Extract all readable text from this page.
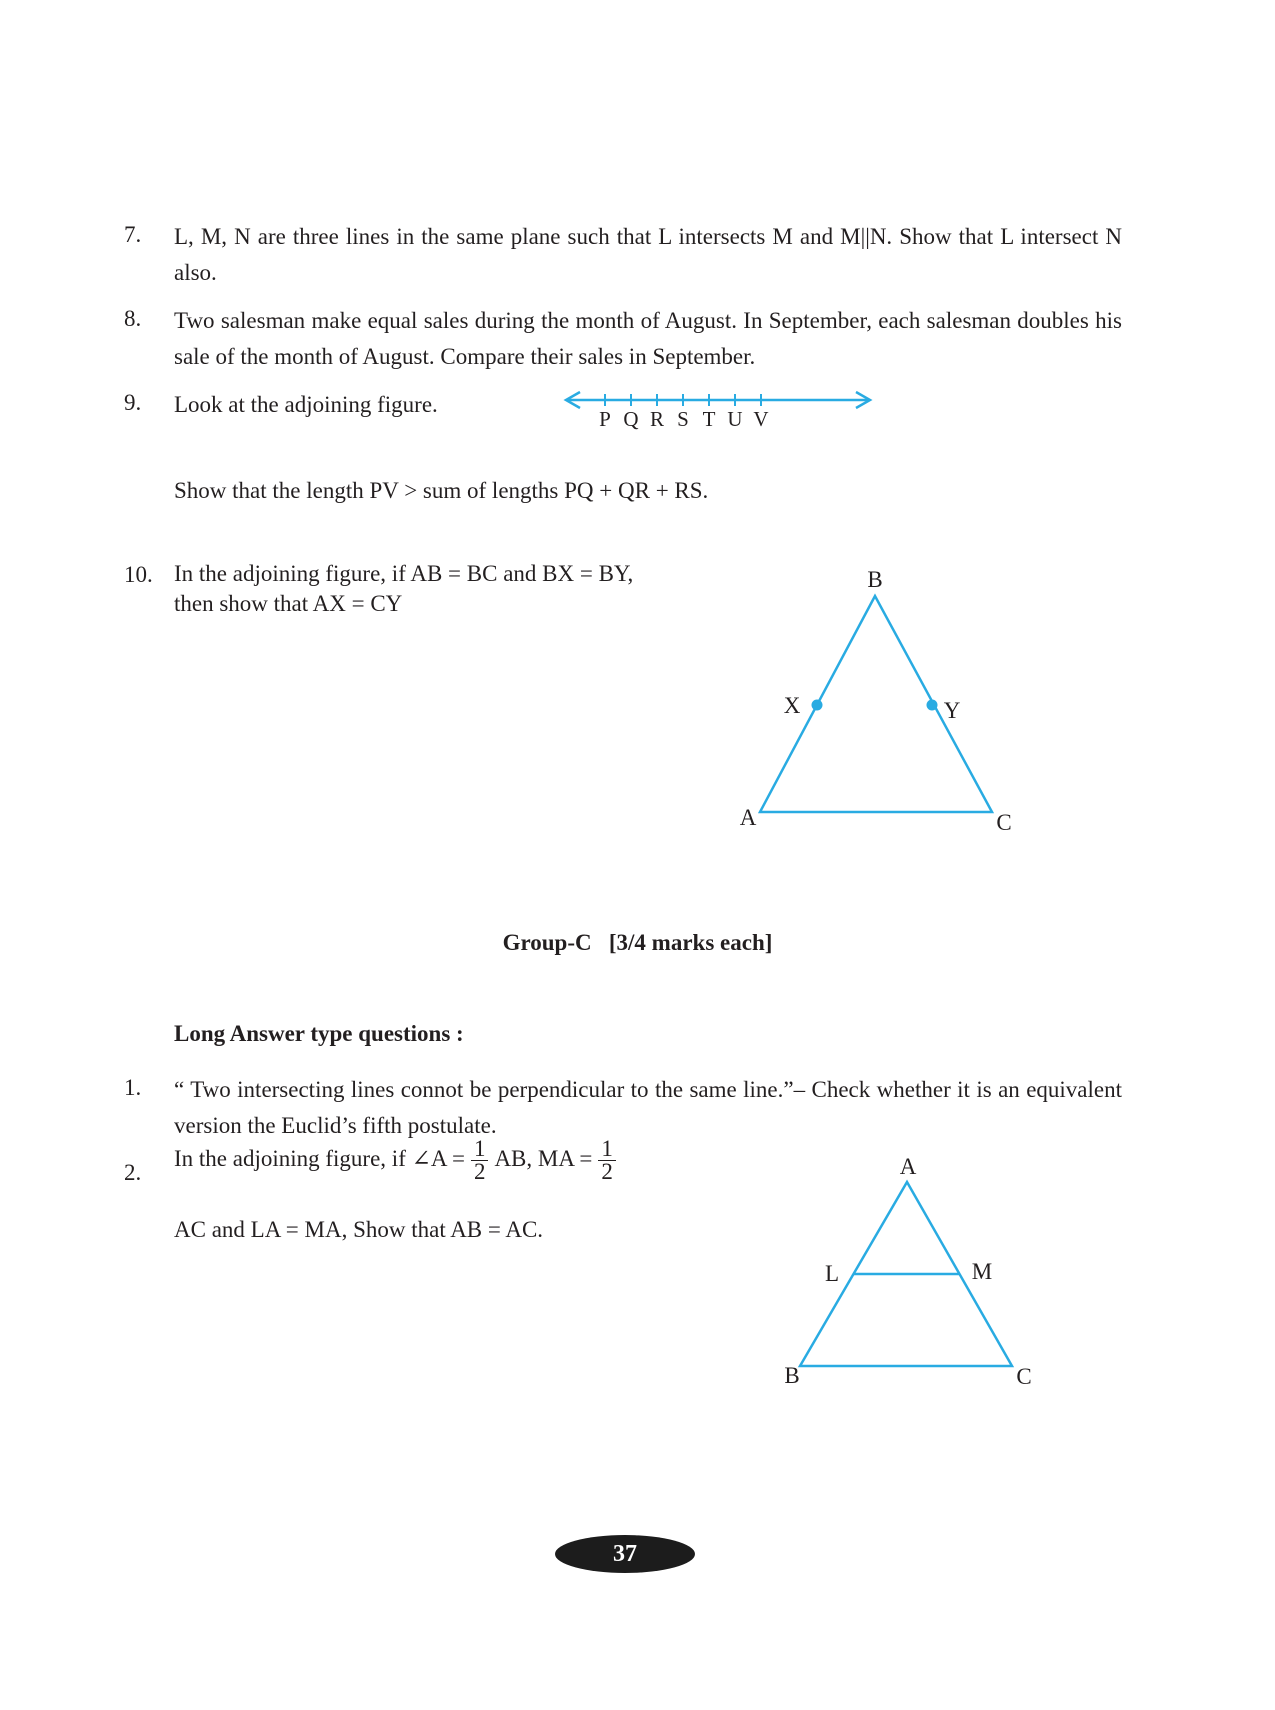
7. L, M, N are three lines in the same plane such that L intersects M and M||N. Show that L intersect N also.
8. Two salesman make equal sales during the month of August. In September, each salesman doubles his sale of the month of August. Compare their sales in September.
9. Look at the adjoining figure.
P Q R S T U V
Show that the length PV > sum of lengths PQ + QR + RS.
10. In the adjoining figure, if AB = BC and BX = BY,
then show that AX = CY
B
X	Y
A	C
Group-C [3/4 marks each]
Long Answer type questions :
1. “ Two intersecting lines connot be perpendicular to the same line.”– Check whether it is an equivalent version the Euclid’s fifth postulate.
2.
In the adjoining figure, if ∠A = $\frac{1}{2}$ AB, MA = $\frac{1}{2}$
AC and LA = MA, Show that AB = AC.
A
L	M
B	C
37
